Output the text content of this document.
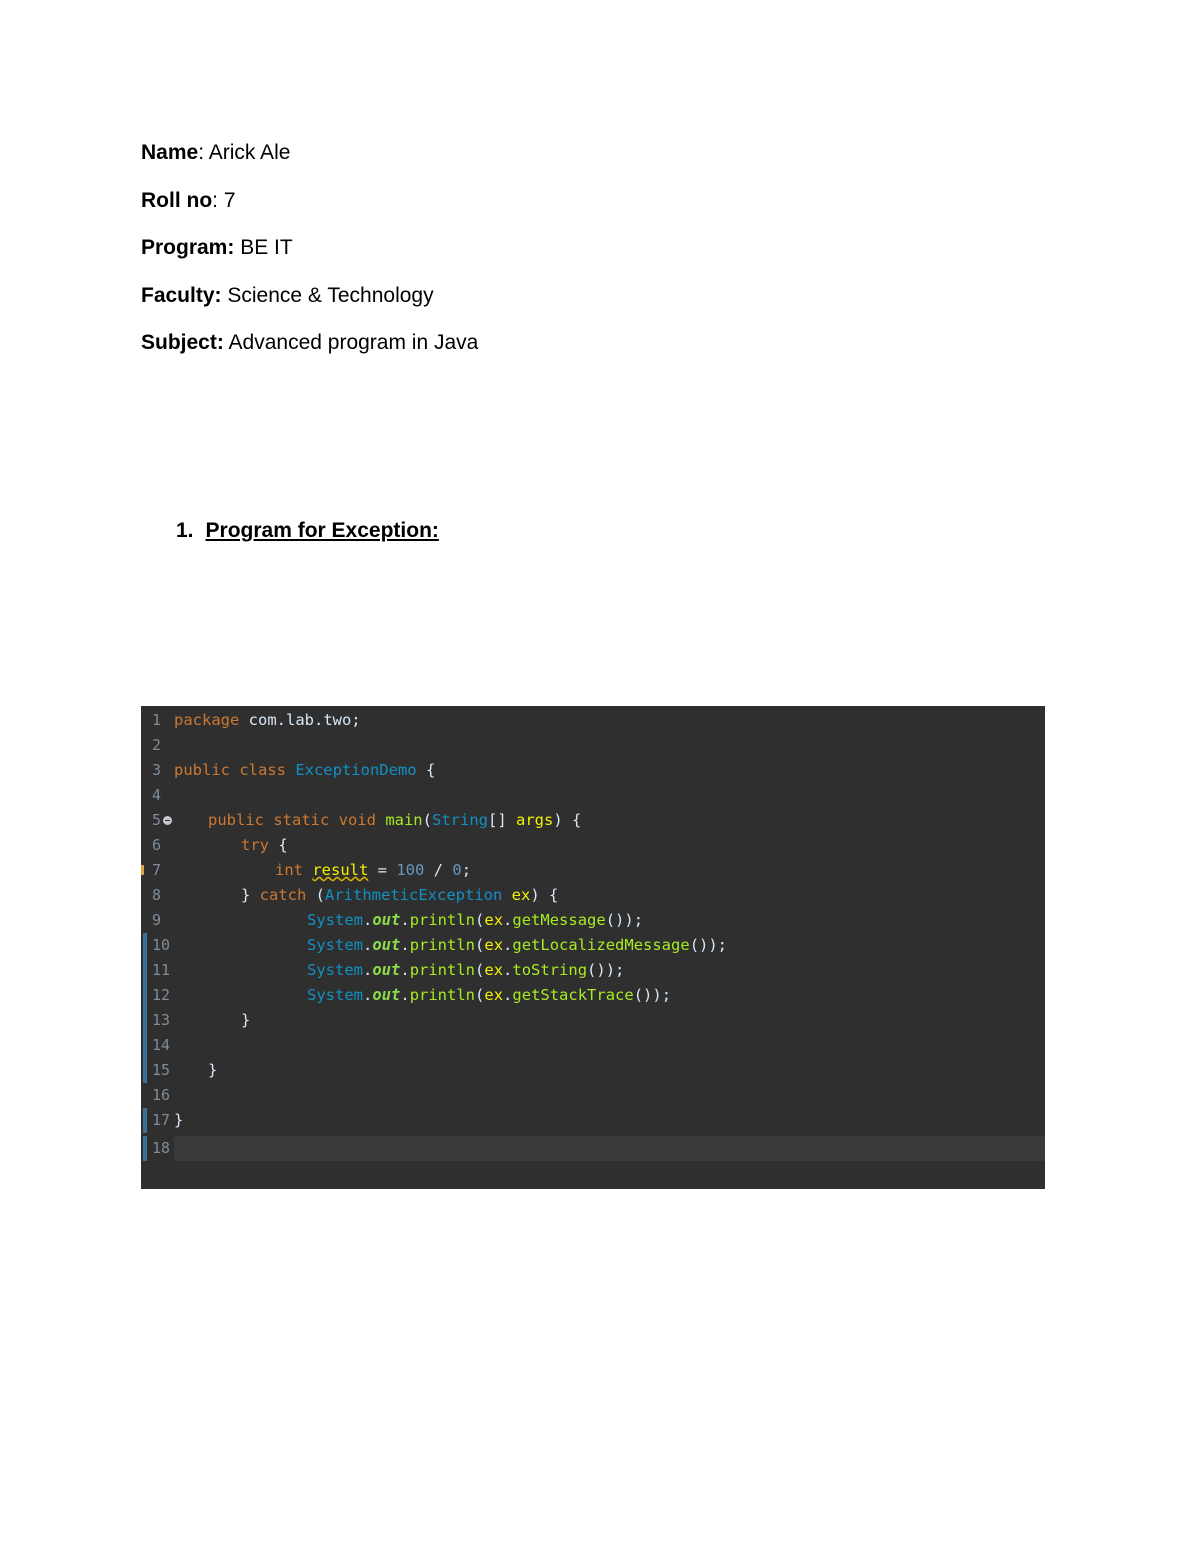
Name: Arick Ale
Roll no: 7
Program: BE IT
Faculty: Science & Technology
Subject: Advanced program in Java
1. Program for Exception:
1 package com.lab.two;
2
3 public class ExceptionDemo {
4
5	public static void main(String[] args) {
6	try {
7	int result = 100 / 0;
8	} catch (ArithmeticException ex) {
9	System.out.println(ex.getMessage());
10	System.out.println(ex.getLocalizedMessage());
11	System.out.println(ex.toString());
12	System.out.println(ex.getStackTrace());
13	}
14
15 }
16
17 }
18
